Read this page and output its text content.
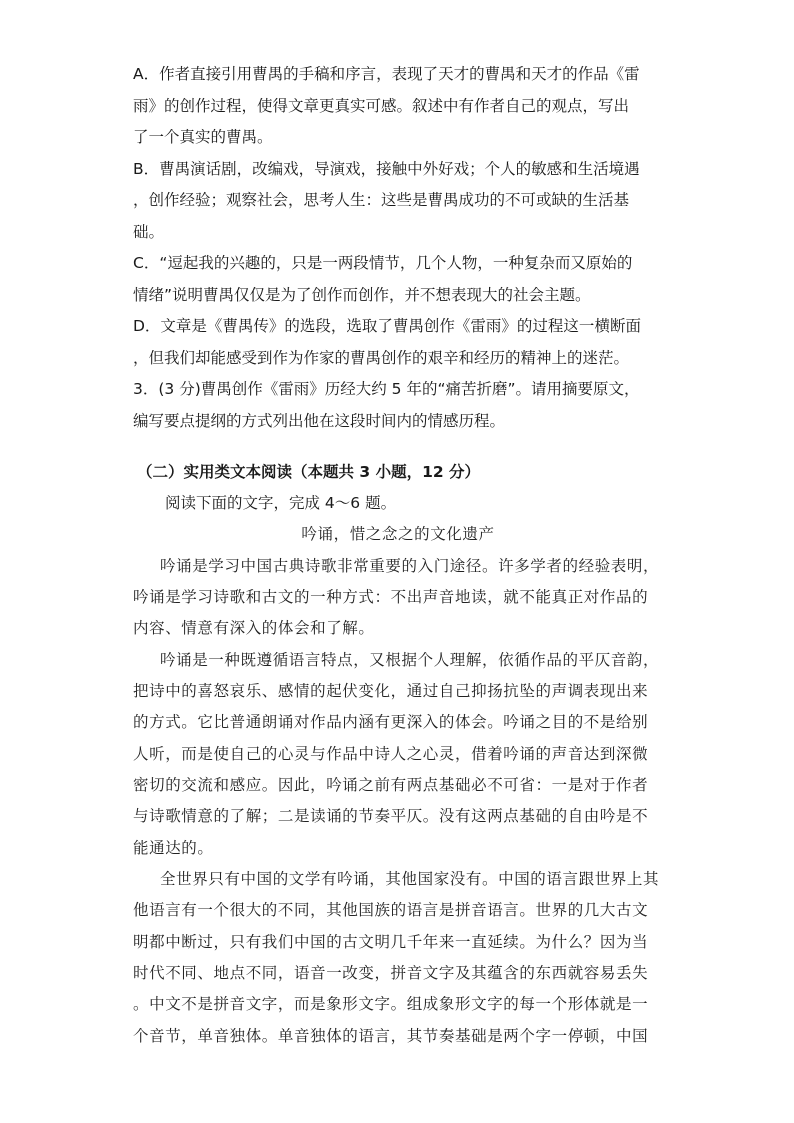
A．作者直接引用曹禺的手稿和序言，表现了天才的曹禺和天才的作品《雷
雨》的创作过程，使得文章更真实可感。叙述中有作者自己的观点，写出
了一个真实的曹禺。
B．曹禺演话剧，改编戏，导演戏，接触中外好戏；个人的敏感和生活境遇
，创作经验；观察社会，思考人生：这些是曹禺成功的不可或缺的生活基
础。
C．“逗起我的兴趣的，只是一两段情节，几个人物，一种复杂而又原始的
情绪”说明曹禺仅仅是为了创作而创作，并不想表现大的社会主题。
D．文章是《曹禺传》的选段，选取了曹禺创作《雷雨》的过程这一横断面
，但我们却能感受到作为作家的曹禺创作的艰辛和经历的精神上的迷茫。
3．(3 分)曹禺创作《雷雨》历经大约 5 年的“痛苦折磨”。请用摘要原文，
编写要点提纲的方式列出他在这段时间内的情感历程。
（二）实用类文本阅读（本题共 3 小题，12 分）
阅读下面的文字，完成 4～6 题。
吟诵，惜之念之的文化遗产
吟诵是学习中国古典诗歌非常重要的入门途径。许多学者的经验表明，
吟诵是学习诗歌和古文的一种方式：不出声音地读，就不能真正对作品的
内容、情意有深入的体会和了解。
吟诵是一种既遵循语言特点，又根据个人理解，依循作品的平仄音韵，
把诗中的喜怒哀乐、感情的起伏变化，通过自己抑扬抗坠的声调表现出来
的方式。它比普通朗诵对作品内涵有更深入的体会。吟诵之目的不是给别
人听，而是使自己的心灵与作品中诗人之心灵，借着吟诵的声音达到深微
密切的交流和感应。因此，吟诵之前有两点基础必不可省：一是对于作者
与诗歌情意的了解；二是读诵的节奏平仄。没有这两点基础的自由吟是不
能通达的。
全世界只有中国的文学有吟诵，其他国家没有。中国的语言跟世界上其
他语言有一个很大的不同，其他国族的语言是拼音语言。世界的几大古文
明都中断过，只有我们中国的古文明几千年来一直延续。为什么？因为当
时代不同、地点不同，语音一改变，拼音文字及其蕴含的东西就容易丢失
。中文不是拼音文字，而是象形文字。组成象形文字的每一个形体就是一
个音节，单音独体。单音独体的语言，其节奏基础是两个字一停顿，中国
